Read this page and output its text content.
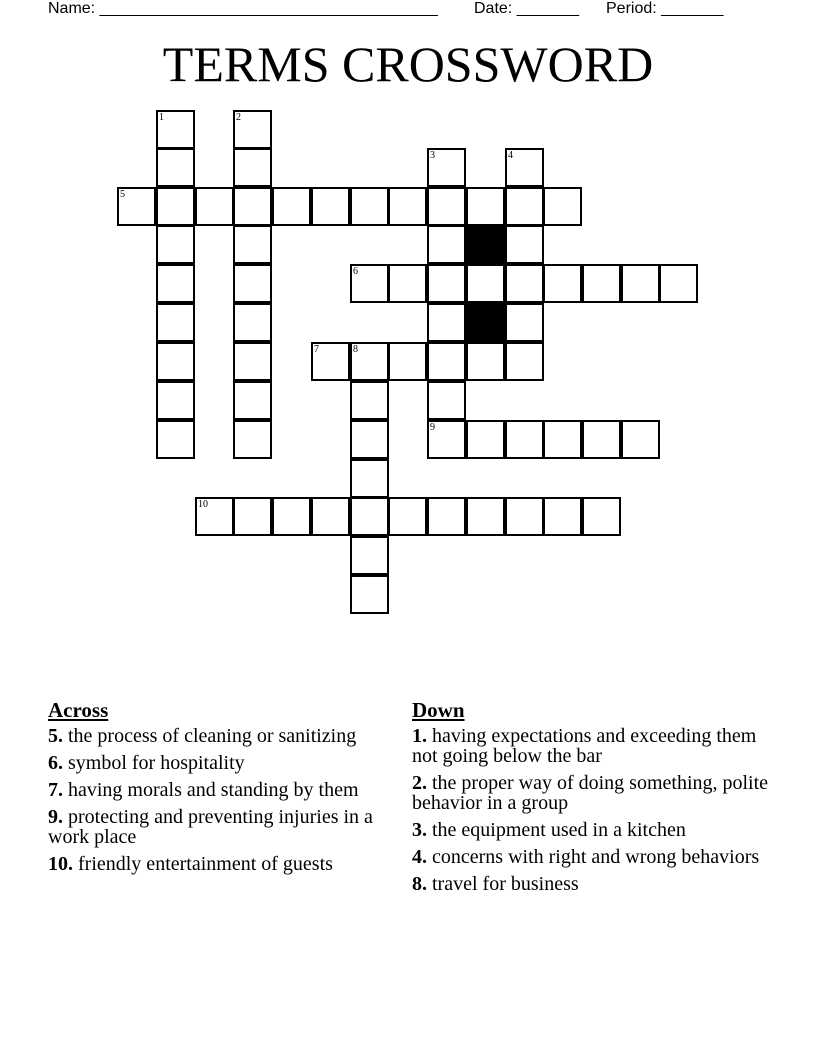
Name: ______________________________________ Date: _______ Period: _______
TERMS CROSSWORD
1	2
3	4
5
6
7	8
9
10
Across
5. the process of cleaning or sanitizing
6. symbol for hospitality
7. having morals and standing by them
9. protecting and preventing injuries in a work place
10. friendly entertainment of guests
Down
1. having expectations and exceeding them not going below the bar
2. the proper way of doing something, polite behavior in a group
3. the equipment used in a kitchen
4. concerns with right and wrong behaviors
8. travel for business
